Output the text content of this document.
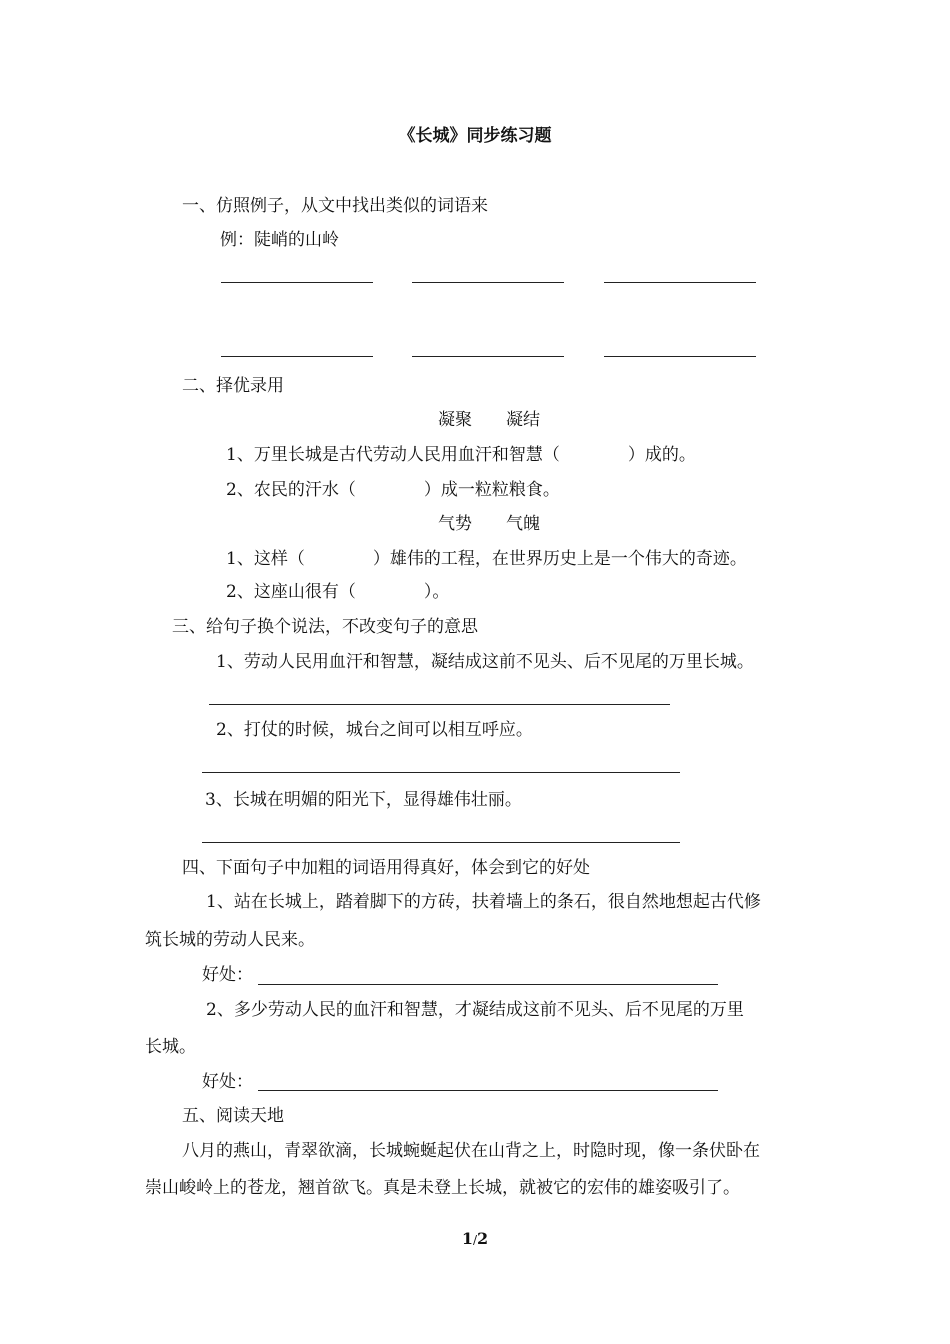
《长城》同步练习题

一、仿照例子，从文中找出类似的词语来

例：陡峭的山岭

二、择优录用

凝聚　　凝结

1、万里长城是古代劳动人民用血汗和智慧（　　　　）成的。

2、农民的汗水（　　　　）成一粒粒粮食。

气势　　气魄

1、这样（　　　　）雄伟的工程，在世界历史上是一个伟大的奇迹。

2、这座山很有（　　　　）。

三、给句子换个说法，不改变句子的意思

1、劳动人民用血汗和智慧，凝结成这前不见头、后不见尾的万里长城。

2、打仗的时候，城台之间可以相互呼应。

3、长城在明媚的阳光下，显得雄伟壮丽。

四、下面句子中加粗的词语用得真好，体会到它的好处

1、站在长城上，踏着脚下的方砖，扶着墙上的条石，很自然地想起古代修

筑长城的劳动人民来。

好处：

2、多少劳动人民的血汗和智慧，才凝结成这前不见头、后不见尾的万里

长城。

好处：

五、阅读天地

八月的燕山，青翠欲滴，长城蜿蜒起伏在山背之上，时隐时现，像一条伏卧在

崇山峻岭上的苍龙，翘首欲飞。真是未登上长城，就被它的宏伟的雄姿吸引了。

1/2
